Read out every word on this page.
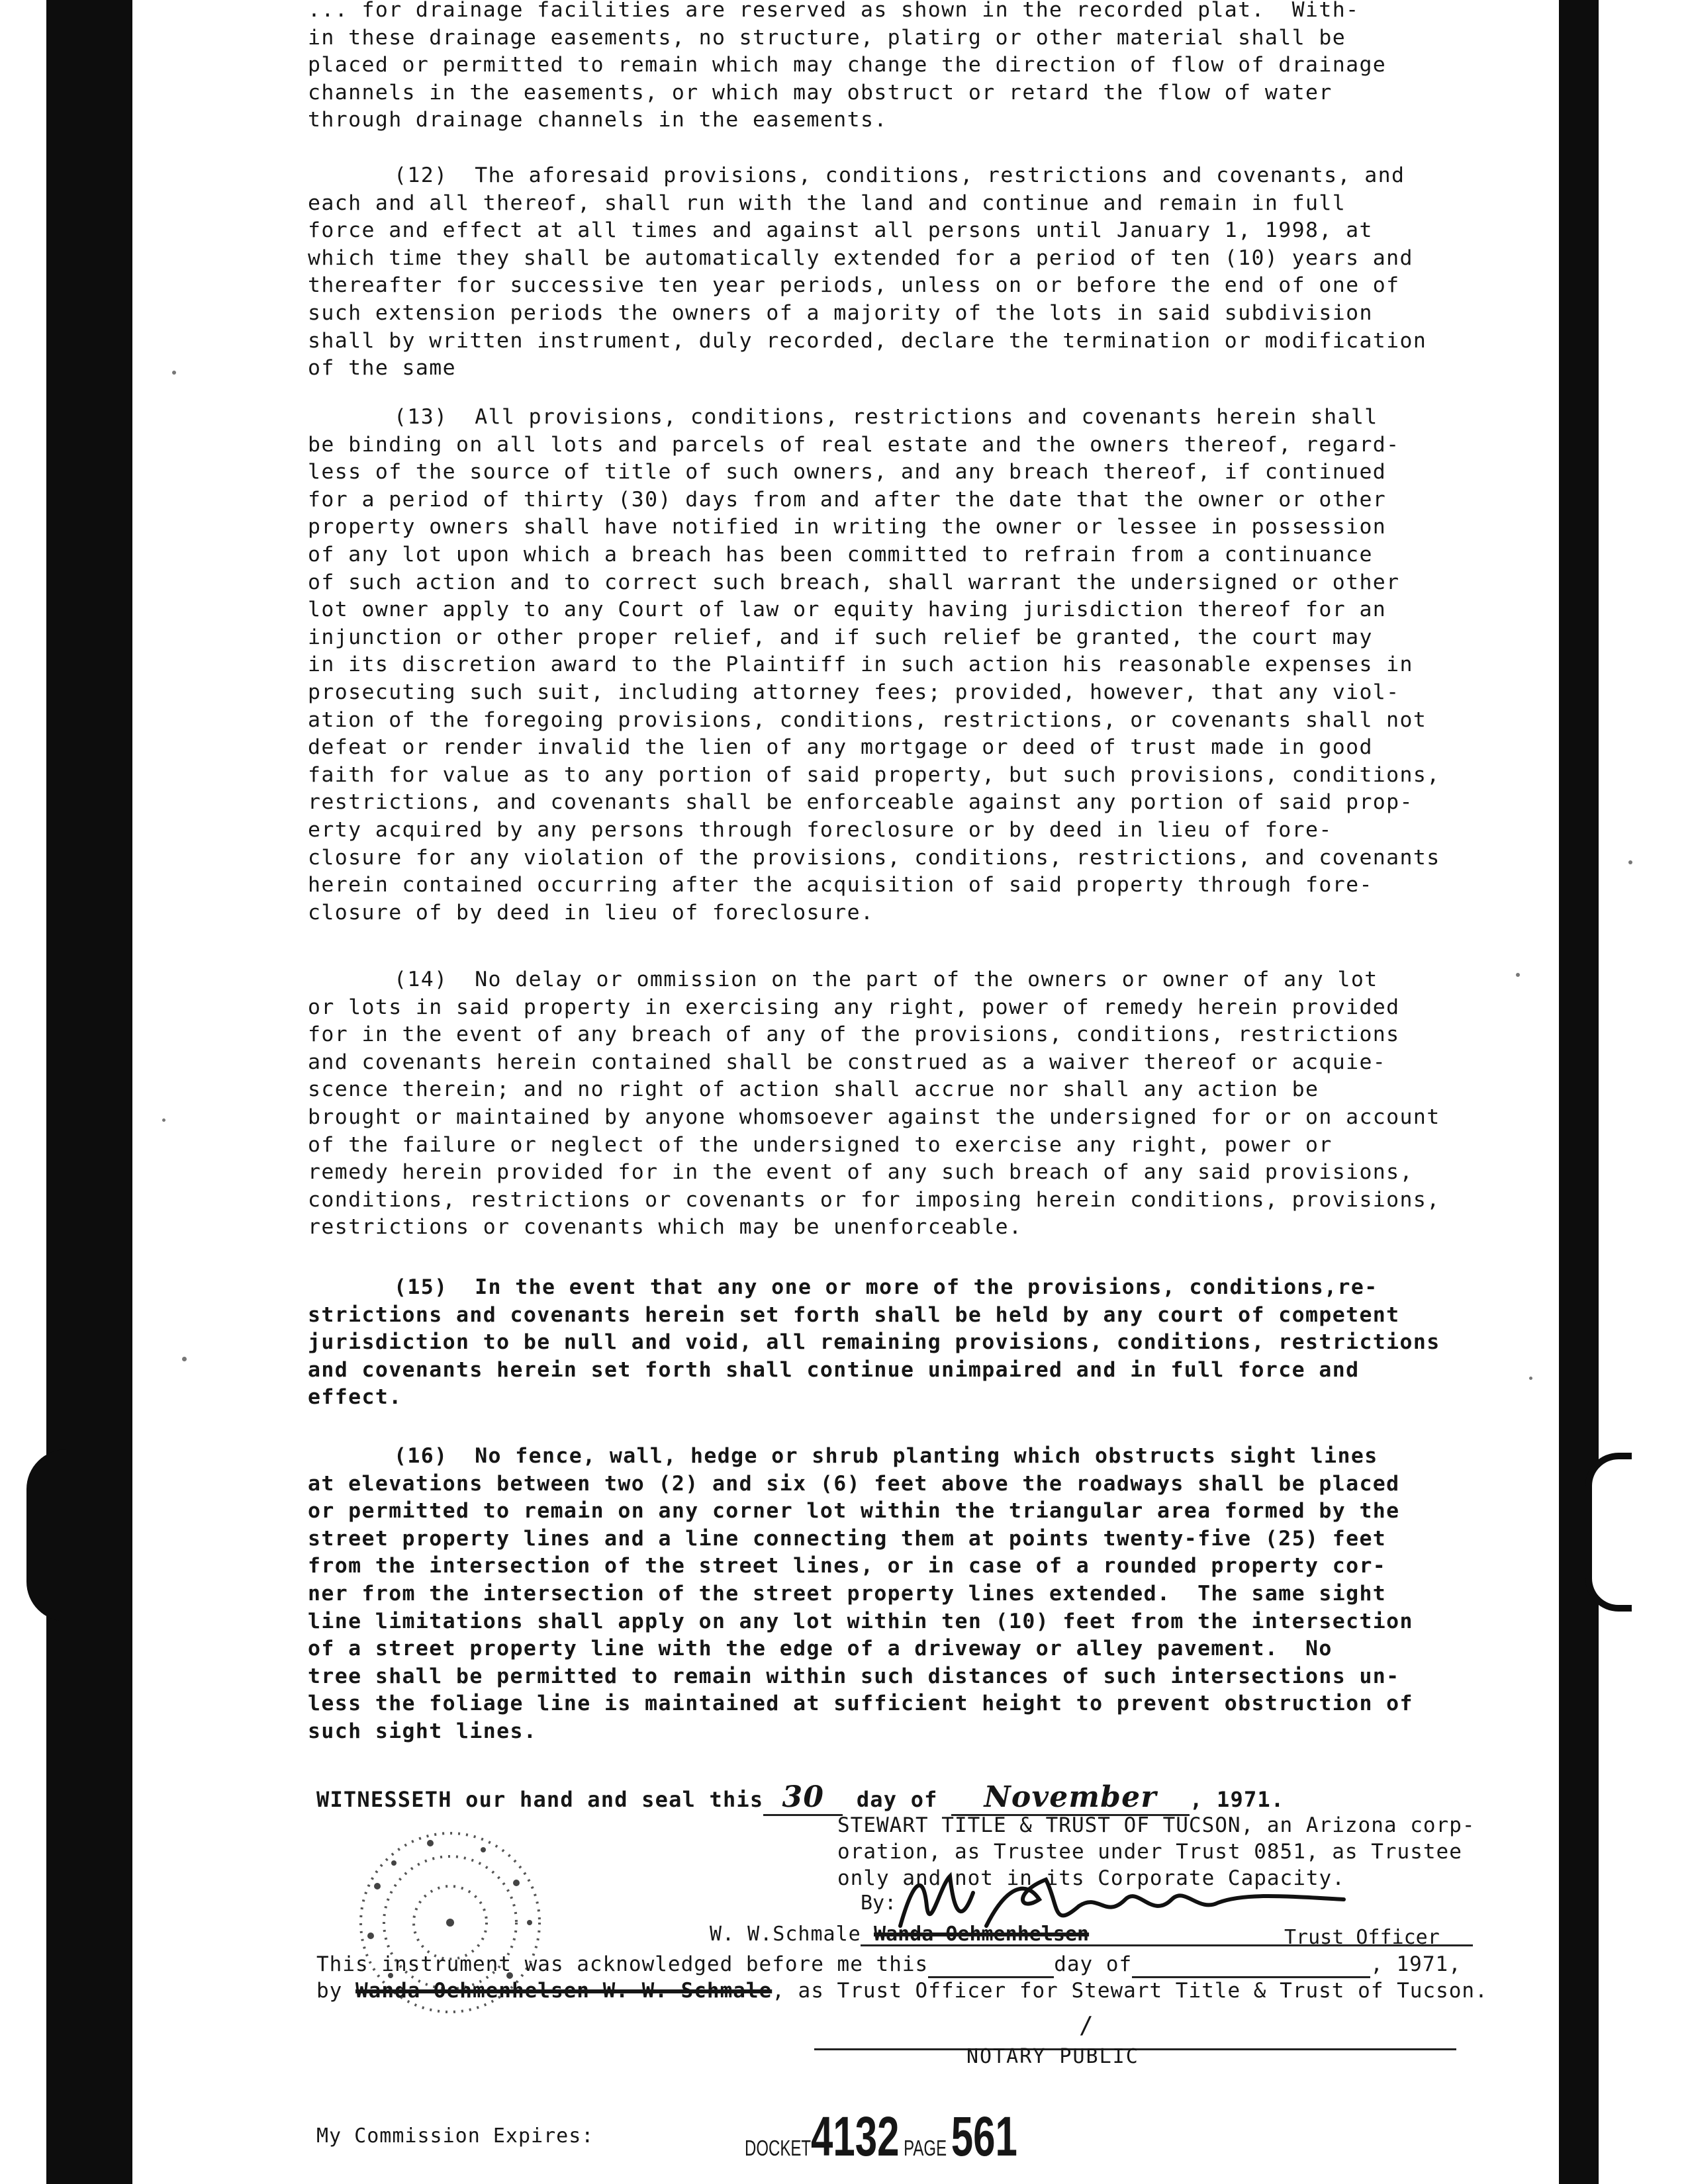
... for drainage facilities are reserved as shown in the recorded plat.  With-
in these drainage easements, no structure, platirg or other material shall be
placed or permitted to remain which may change the direction of flow of drainage
channels in the easements, or which may obstruct or retard the flow of water
through drainage channels in the easements.
(12)  The aforesaid provisions, conditions, restrictions and covenants, and
each and all thereof, shall run with the land and continue and remain in full
force and effect at all times and against all persons until January 1, 1998, at
which time they shall be automatically extended for a period of ten (10) years and
thereafter for successive ten year periods, unless on or before the end of one of
such extension periods the owners of a majority of the lots in said subdivision
shall by written instrument, duly recorded, declare the termination or modification
of the same
(13)  All provisions, conditions, restrictions and covenants herein shall
be binding on all lots and parcels of real estate and the owners thereof, regard-
less of the source of title of such owners, and any breach thereof, if continued
for a period of thirty (30) days from and after the date that the owner or other
property owners shall have notified in writing the owner or lessee in possession
of any lot upon which a breach has been committed to refrain from a continuance
of such action and to correct such breach, shall warrant the undersigned or other
lot owner apply to any Court of law or equity having jurisdiction thereof for an
injunction or other proper relief, and if such relief be granted, the court may
in its discretion award to the Plaintiff in such action his reasonable expenses in
prosecuting such suit, including attorney fees; provided, however, that any viol-
ation of the foregoing provisions, conditions, restrictions, or covenants shall not
defeat or render invalid the lien of any mortgage or deed of trust made in good
faith for value as to any portion of said property, but such provisions, conditions,
restrictions, and covenants shall be enforceable against any portion of said prop-
erty acquired by any persons through foreclosure or by deed in lieu of fore-
closure for any violation of the provisions, conditions, restrictions, and covenants
herein contained occurring after the acquisition of said property through fore-
closure of by deed in lieu of foreclosure.
(14)  No delay or ommission on the part of the owners or owner of any lot
or lots in said property in exercising any right, power of remedy herein provided
for in the event of any breach of any of the provisions, conditions, restrictions
and covenants herein contained shall be construed as a waiver thereof or acquie-
scence therein; and no right of action shall accrue nor shall any action be
brought or maintained by anyone whomsoever against the undersigned for or on account
of the failure or neglect of the undersigned to exercise any right, power or
remedy herein provided for in the event of any such breach of any said provisions,
conditions, restrictions or covenants or for imposing herein conditions, provisions,
restrictions or covenants which may be unenforceable.
(15)  In the event that any one or more of the provisions, conditions,re-
strictions and covenants herein set forth shall be held by any court of competent
jurisdiction to be null and void, all remaining provisions, conditions, restrictions
and covenants herein set forth shall continue unimpaired and in full force and
effect.
(16)  No fence, wall, hedge or shrub planting which obstructs sight lines
at elevations between two (2) and six (6) feet above the roadways shall be placed
or permitted to remain on any corner lot within the triangular area formed by the
street property lines and a line connecting them at points twenty-five (25) feet
from the intersection of the street lines, or in case of a rounded property cor-
ner from the intersection of the street property lines extended.  The same sight
line limitations shall apply on any lot within ten (10) feet from the intersection
of a street property line with the edge of a driveway or alley pavement.  No
tree shall be permitted to remain within such distances of such intersections un-
less the foliage line is maintained at sufficient height to prevent obstruction of
such sight lines.
WITNESSETH our hand and seal this 30 day of November , 1971.
STEWART TITLE & TRUST OF TUCSON, an Arizona corp-
oration, as Trustee under Trust 0851, as Trustee
only and not in its Corporate Capacity.
By:
W. W.Schmale Wanda Oehmenhelsen	Trust Officer
This instrument was acknowledged before me this	day of	, 1971,
by Wanda Oehmenhelsen W. W. Schmale, as Trust Officer for Stewart Title & Trust of Tucson.
/
NOTARY PUBLIC
My Commission Expires:
DOCKET4132 PAGE 561
